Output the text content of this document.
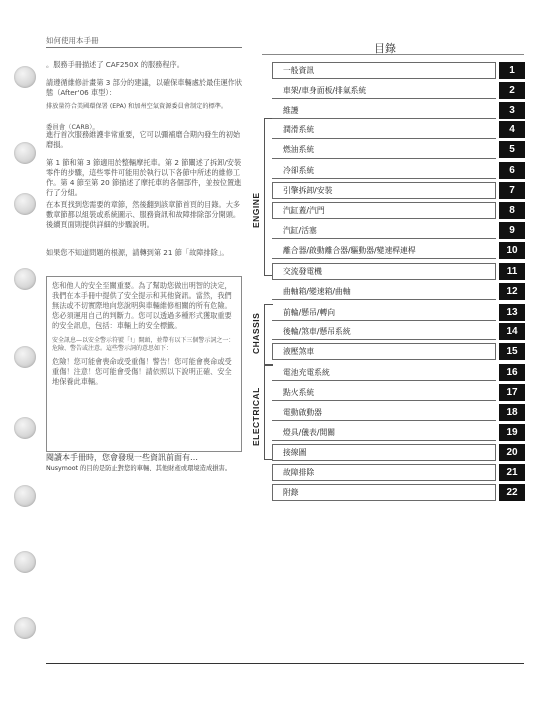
如何使用本手冊

。服務手冊描述了 CAF250X 的服務程序。

請遵循維修計畫第 3 部分的建議，以確保車輛處於最佳運作狀態（After'06 車型）：

排放量符合美國環保署 (EPA) 和加州空氣資源委員會制定的標準。

委員會（CARB）。

進行首次服務維護非常重要，它可以彌補磨合期內發生的初始磨損。

第 1 節和第 3 節適用於整輛摩托車。第 2 節闡述了拆卸/安裝零件的步驟，這些零件可能用於執行以下各節中所述的維修工作。第 4 節至第 20 節描述了摩托車的各個部件，並按位置進行了分組。

在本頁找到您需要的章節，然後翻到該章節首頁的目錄。大多數章節都以組裝或系統圖示、服務資訊和故障排除部分開頭。後續頁面則提供詳細的步驟說明。

如果您不知道問題的根源，請轉到第 21 節「故障排除」。

您和他人的安全至關重要。為了幫助您做出明智的決定，我們在本手冊中提供了安全提示和其他資訊。當然，我們無法或不切實際地向您說明與車輛維修相關的所有危險。您必須運用自己的判斷力。您可以透過多種形式獲取重要的安全訊息，包括：車輛上的安全標籤。

安全訊息—以安全警示符號「!」開頭，並帶有以下三個警示詞之一：危險、警告或注意。這些警示詞的意思如下：

危險！您可能會喪命或受重傷！警告！您可能會喪命或受重傷！注意！您可能會受傷！請依照以下說明正確、安全地保養此車輛。

閱讀本手冊時，您會發現一些資訊前面有…
Nusymoot 的目的是防止對您的車輛、其他財產或環境造成損害。
目錄
ENGINE
CHASSIS
ELECTRICAL
一般資訊	1
車架/車身面板/排氣系統	2
維護	3
潤滑系統	4
燃油系統	5
冷卻系統	6
引擎拆卸/安裝	7
汽缸蓋/汽門	8
汽缸/活塞	9
離合器/啟動離合器/驅動器/變速桿連桿	10
交流發電機	11
曲軸箱/變速箱/曲軸	12
前輪/懸吊/轉向	13
後輪/煞車/懸吊系統	14
液壓煞車	15
電池充電系統	16
點火系統	17
電動啟動器	18
燈具/儀表/開關	19
接線圖	20
故障排除	21
附錄	22
